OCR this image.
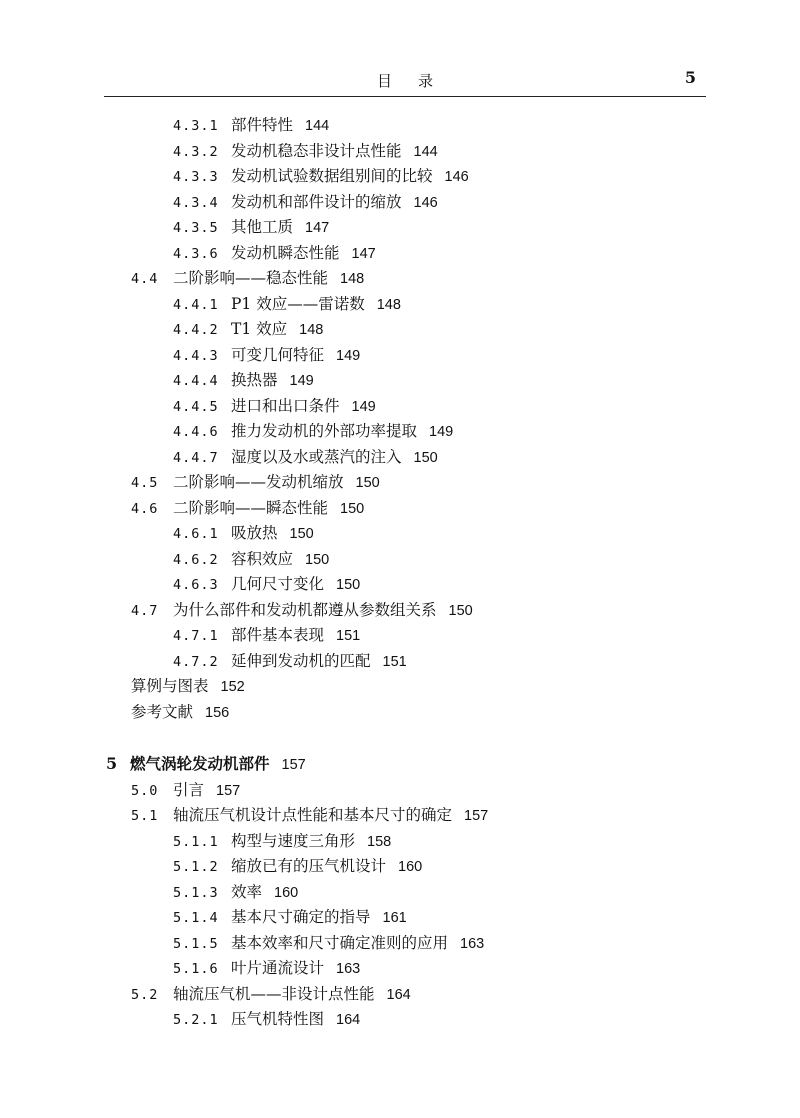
目录	5
4.3.1 部件特性 144
4.3.2 发动机稳态非设计点性能 144
4.3.3 发动机试验数据组别间的比较 146
4.3.4 发动机和部件设计的缩放 146
4.3.5 其他工质 147
4.3.6 发动机瞬态性能 147
4.4 二阶影响——稳态性能 148
4.4.1 P1 效应——雷诺数 148
4.4.2 T1 效应 148
4.4.3 可变几何特征 149
4.4.4 换热器 149
4.4.5 进口和出口条件 149
4.4.6 推力发动机的外部功率提取 149
4.4.7 湿度以及水或蒸汽的注入 150
4.5 二阶影响——发动机缩放 150
4.6 二阶影响——瞬态性能 150
4.6.1 吸放热 150
4.6.2 容积效应 150
4.6.3 几何尺寸变化 150
4.7 为什么部件和发动机都遵从参数组关系 150
4.7.1 部件基本表现 151
4.7.2 延伸到发动机的匹配 151
算例与图表 152
参考文献 156
5 燃气涡轮发动机部件 157
5.0 引言 157
5.1 轴流压气机设计点性能和基本尺寸的确定 157
5.1.1 构型与速度三角形 158
5.1.2 缩放已有的压气机设计 160
5.1.3 效率 160
5.1.4 基本尺寸确定的指导 161
5.1.5 基本效率和尺寸确定准则的应用 163
5.1.6 叶片通流设计 163
5.2 轴流压气机——非设计点性能 164
5.2.1 压气机特性图 164
